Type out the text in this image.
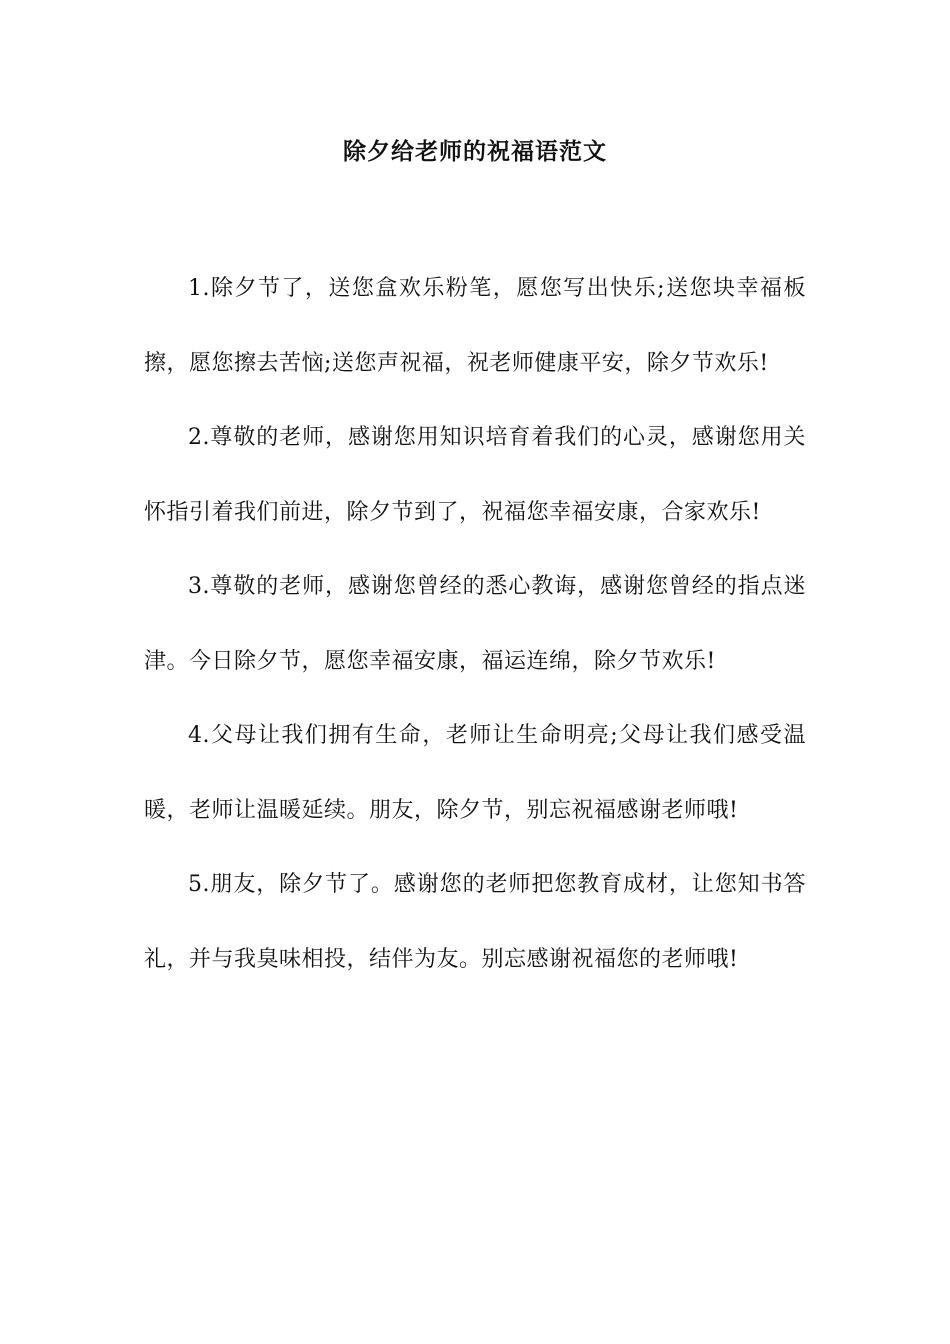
除夕给老师的祝福语范文

1.除夕节了，送您盒欢乐粉笔，愿您写出快乐;送您块幸福板擦，愿您擦去苦恼;送您声祝福，祝老师健康平安，除夕节欢乐!

2.尊敬的老师，感谢您用知识培育着我们的心灵，感谢您用关怀指引着我们前进，除夕节到了，祝福您幸福安康，合家欢乐!

3.尊敬的老师，感谢您曾经的悉心教诲，感谢您曾经的指点迷津。今日除夕节，愿您幸福安康，福运连绵，除夕节欢乐!

4.父母让我们拥有生命，老师让生命明亮;父母让我们感受温暖，老师让温暖延续。朋友，除夕节，别忘祝福感谢老师哦!

5.朋友，除夕节了。感谢您的老师把您教育成材，让您知书答礼，并与我臭味相投，结伴为友。别忘感谢祝福您的老师哦!
